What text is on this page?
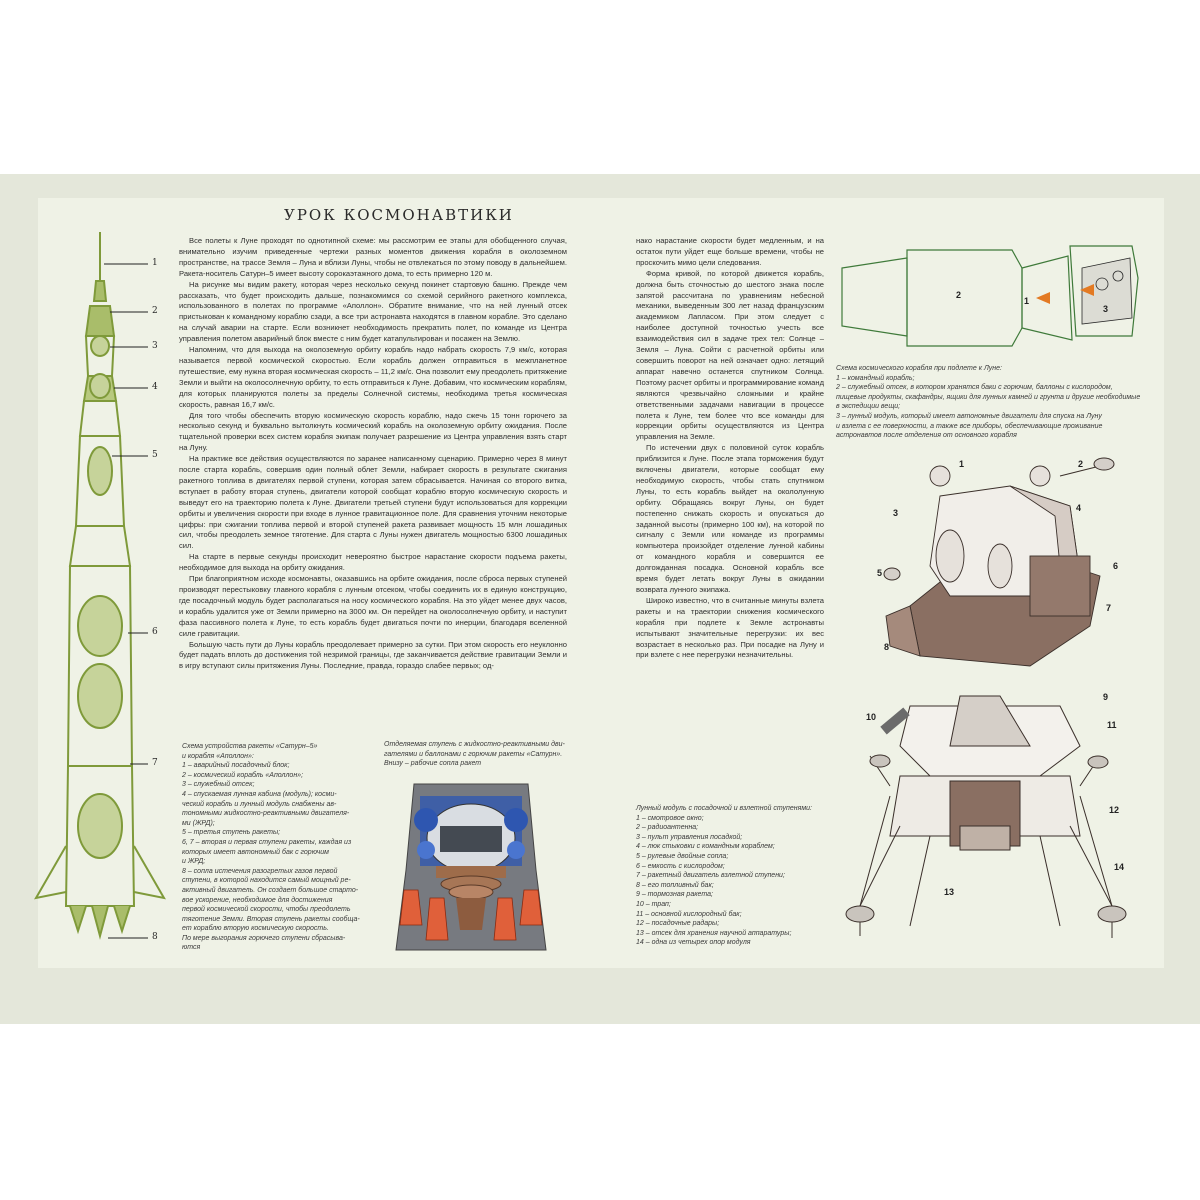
УРОК КОСМОНАВТИКИ
1
2
3
4
5
6
7
8

Все полеты к Луне проходят по однотипной схеме: мы рассмотрим ее этапы для обобщенного случая, внимательно изучим приведенные чертежи разных моментов движения корабля в околоземном пространстве, на трассе Земля – Луна и вблизи Луны, чтобы не отвлекаться по этому поводу в дальнейшем. Ракета-носитель Сатурн–5 имеет высоту сорокаэтажного дома, то есть примерно 120 м.

На рисунке мы видим ракету, которая через несколько секунд покинет стартовую башню. Прежде чем рассказать, что будет происходить дальше, познакомимся со схемой серийного ракетного комплекса, использованного в полетах по программе «Аполлон». Обратите внимание, что на ней лунный отсек пристыкован к командному кораблю сзади, а все три астронавта находятся в главном корабле. Это сделано на случай аварии на старте. Если возникнет необходимость прекратить полет, по команде из Центра управления полетом аварийный блок вместе с ним будет катапультирован и посажен на Землю.

Напомним, что для выхода на околоземную орбиту корабль надо набрать скорость 7,9 км/с, которая называется первой космической скоростью. Если корабль должен отправиться в межпланетное путешествие, ему нужна вторая космическая скорость – 11,2 км/с. Она позволит ему преодолеть притяжение Земли и выйти на околосолнечную орбиту, то есть отправиться к Луне. Добавим, что космическим кораблям, для которых планируются полеты за пределы Солнечной системы, необходима третья космическая скорость, равная 16,7 км/с.

Для того чтобы обеспечить вторую космическую скорость кораблю, надо сжечь 15 тонн горючего за несколько секунд и буквально вытолкнуть космический корабль на околоземную орбиту ожидания. После тщательной проверки всех систем корабля экипаж получает разрешение из Центра управления взять старт на Луну.

На практике все действия осуществляются по заранее написанному сценарию. Примерно через 8 минут после старта корабль, совершив один полный облет Земли, набирает скорость в результате сжигания ракетного топлива в двигателях первой ступени, которая затем сбрасывается. Начиная со второго витка, вступает в работу вторая ступень, двигатели которой сообщат кораблю вторую космическую скорость и выведут его на траекторию полета к Луне. Двигатели третьей ступени будут использоваться для коррекции орбиты и увеличения скорости при входе в лунное гравитационное поле. Для сравнения уточним некоторые цифры: при сжигании топлива первой и второй ступеней ракета развивает мощность 15 млн лошадиных сил, чтобы преодолеть земное тяготение. Для старта с Луны нужен двигатель мощностью 6300 лошадиных сил.

На старте в первые секунды происходит невероятно быстрое нарастание скорости подъема ракеты, необходимое для выхода на орбиту ожидания.

При благоприятном исходе космонавты, оказавшись на орбите ожидания, после сброса первых ступеней производят перестыковку главного корабля с лунным отсеком, чтобы соединить их в единую конструкцию, где посадочный модуль будет располагаться на носу космического корабля. На это уйдет менее двух часов, и корабль удалится уже от Земли примерно на 3000 км. Он перейдет на околосолнечную орбиту, и наступит фаза пассивного полета к Луне, то есть корабль будет двигаться почти по инерции, благодаря вселенной силе гравитации.

Большую часть пути до Луны корабль преодолевает примерно за сутки. При этом скорость его неуклонно будет падать вплоть до достижения той незримой границы, где заканчивается действие гравитации Земли и в игру вступают силы притяжения Луны. Последние, правда, гораздо слабее первых; од-

нако нарастание скорости будет медленным, и на остаток пути уйдет еще больше времени, чтобы не проскочить мимо цели следования.

Форма кривой, по которой движется корабль, должна быть сточностью до шестого знака после запятой рассчитана по уравнениям небесной механики, выведенным 300 лет назад французским академиком Лапласом. При этом следует с наиболее доступной точностью учесть все взаимодействия сил в задаче трех тел: Солнце – Земля – Луна. Сойти с расчетной орбиты или совершить поворот на ней означает одно: летящий аппарат навечно останется спутником Солнца. Поэтому расчет орбиты и программирование команд являются чрезвычайно сложными и крайне ответственными задачами навигации в процессе полета к Луне, тем более что все команды для коррекции орбиты осуществляются из Центра управления на Земле.

По истечении двух с половиной суток корабль приблизится к Луне. После этапа торможения будут включены двигатели, которые сообщат ему необходимую скорость, чтобы стать спутником Луны, то есть корабль выйдет на окололунную орбиту. Обращаясь вокруг Луны, он будет постепенно снижать скорость и опускаться до заданной высоты (примерно 100 км), на которой по сигналу с Земли или команде из программы компьютера произойдет отделение лунной кабины от командного корабля и совершится ее долгожданная посадка. Основной корабль все время будет летать вокруг Луны в ожидании возврата лунного экипажа.

Широко известно, что в считанные минуты взлета ракеты и на траектории снижения космического корабля при подлете к Земле астронавты испытывают значительные перегрузки: их вес возрастает в несколько раз. При посадке на Луну и при взлете с нее перегрузки незначительны.

Схема устройства ракеты «Сатурн–5»
и корабля «Аполлон»:
1 – аварийный посадочный блок;
2 – космический корабль «Аполлон»;
3 – служебный отсек;
4 – спускаемая лунная кабина (модуль); косми-
ческий корабль и лунный модуль снабжены ав-
тономными жидкостно-реактивными двигателя-
ми (ЖРД);
5 – третья ступень ракеты;
6, 7 – вторая и первая ступени ракеты, каждая из
которых имеет автономный бак с горючим
и ЖРД;
8 – сопла истечения разогретых газов первой
ступени, в которой находится самый мощный ре-
активный двигатель. Он создает большое старто-
вое ускорение, необходимое для достижения
первой космической скорости, чтобы преодолеть
тяготение Земли. Вторая ступень ракеты сообща-
ет кораблю вторую космическую скорость.
По мере выгорания горючего ступени сбрасыва-
ются
Отделяемая ступень с жидкостно-реактивными дви-
гателями и баллонами с горючим ракеты «Сатурн».
Внизу – рабочие сопла ракет
1
2
3
Схема космического корабля при подлете к Луне:
1 – командный корабль;
2 – служебный отсек, в котором хранятся баки с горючим, баллоны с кислородом,
пищевые продукты, скафандры, ящики для лунных камней и грунта и другие необходимые
в экспедиции вещи;
3 – лунный модуль, который имеет автономные двигатели для спуска на Луну
и взлета с ее поверхности, а также все приборы, обеспечивающие проживание
астронавтов после отделения от основного корабля
1	2
3	4
5
6
7
8
9
10
11
12
13
14
Лунный модуль с посадочной и взлетной ступенями:
1 – смотровое окно;
2 – радиоантенна;
3 – пульт управления посадкой;
4 – люк стыковки с командным кораблем;
5 – рулевые двойные сопла;
6 – емкость с кислородом;
7 – ракетный двигатель взлетной ступени;
8 – его топливный бак;
9 – тормозная ракета;
10 – трап;
11 – основной кислородный бак;
12 – посадочные радары;
13 – отсек для хранения научной аппаратуры;
14 – одна из четырех опор модуля
